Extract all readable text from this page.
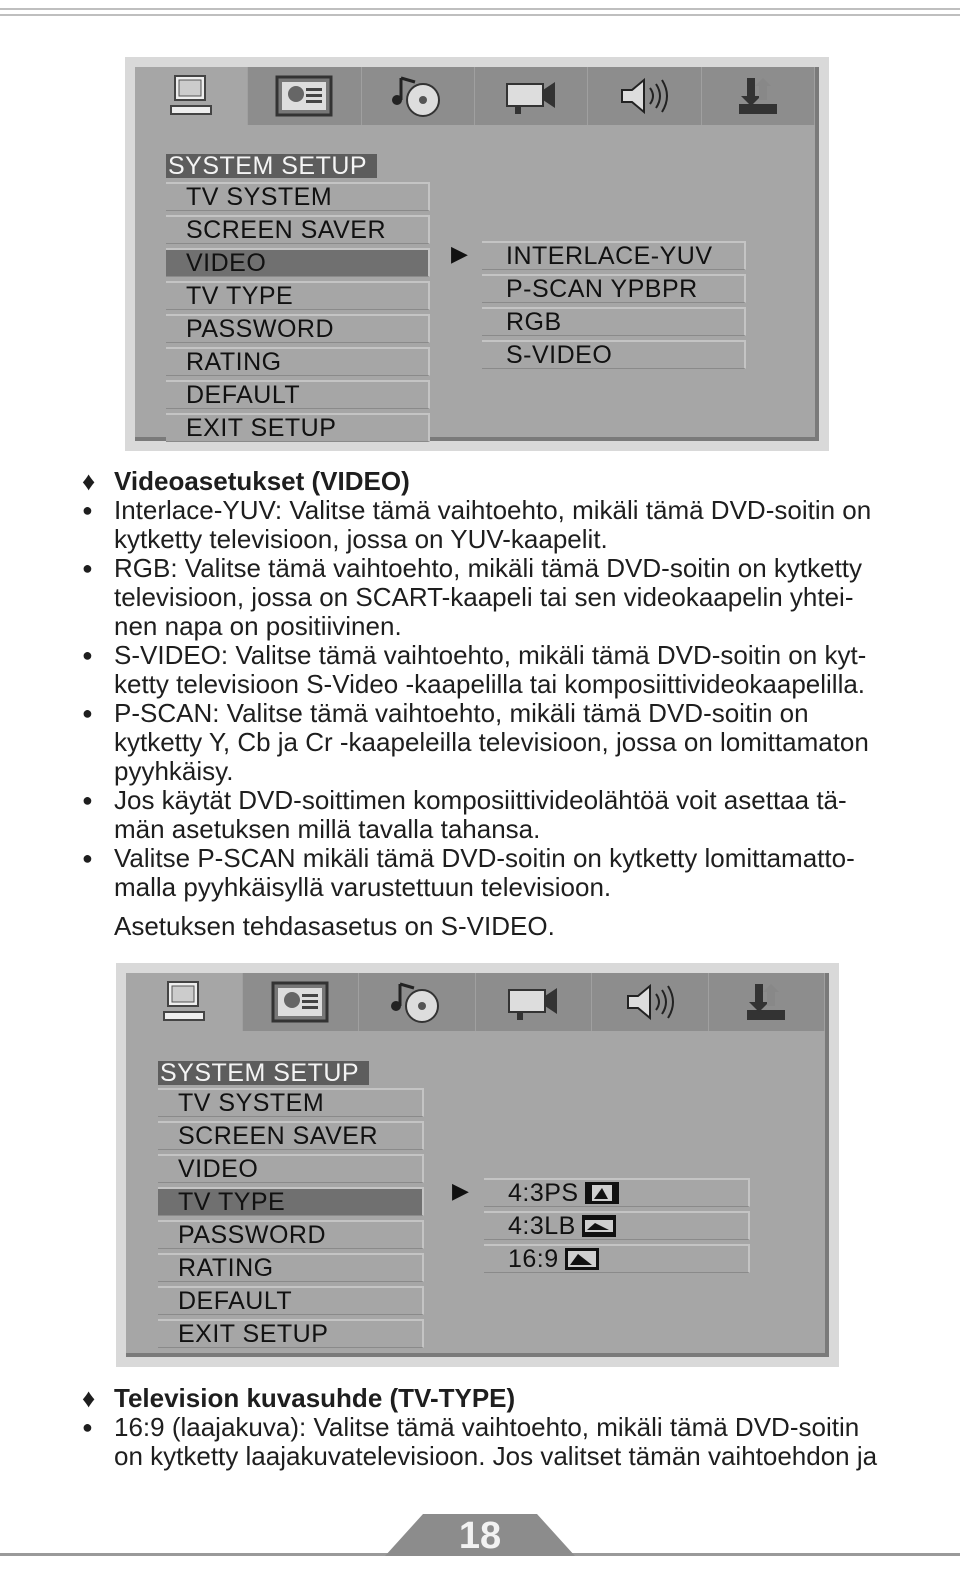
SYSTEM SETUP
TV SYSTEM
SCREEN SAVER
VIDEO
TV TYPE
PASSWORD
RATING
DEFAULT
EXIT SETUP
▶ INTERLACE-YUV
P-SCAN YPBPR
RGB
S-VIDEO
♦ Videoasetukset (VIDEO)
● Interlace-YUV: Valitse tämä vaihtoehto, mikäli tämä DVD-soitin on
kytketty televisioon, jossa on YUV-kaapelit.
● RGB: Valitse tämä vaihtoehto, mikäli tämä DVD-soitin on kytketty
televisioon, jossa on SCART-kaapeli tai sen videokaapelin yhtei-
nen napa on positiivinen.
● S-VIDEO: Valitse tämä vaihtoehto, mikäli tämä DVD-soitin on kyt-
ketty televisioon S-Video -kaapelilla tai komposiittivideokaapelilla.
● P-SCAN: Valitse tämä vaihtoehto, mikäli tämä DVD-soitin on
kytketty Y, Cb ja Cr -kaapeleilla televisioon, jossa on lomittamaton
pyyhkäisy.
● Jos käytät DVD-soittimen komposiittivideolähtöä voit asettaa tä-
män asetuksen millä tavalla tahansa.
● Valitse P-SCAN mikäli tämä DVD-soitin on kytketty lomittamatto-
malla pyyhkäisyllä varustettuun televisioon.
Asetuksen tehdasasetus on S-VIDEO.
SYSTEM SETUP
TV SYSTEM
SCREEN SAVER
VIDEO
TV TYPE
PASSWORD
RATING
DEFAULT
EXIT SETUP
▶ 4:3PS
4:3LB
16:9
♦ Television kuvasuhde (TV-TYPE)
● 16:9 (laajakuva): Valitse tämä vaihtoehto, mikäli tämä DVD-soitin
on kytketty laajakuvatelevisioon. Jos valitset tämän vaihtoehdon ja
18
